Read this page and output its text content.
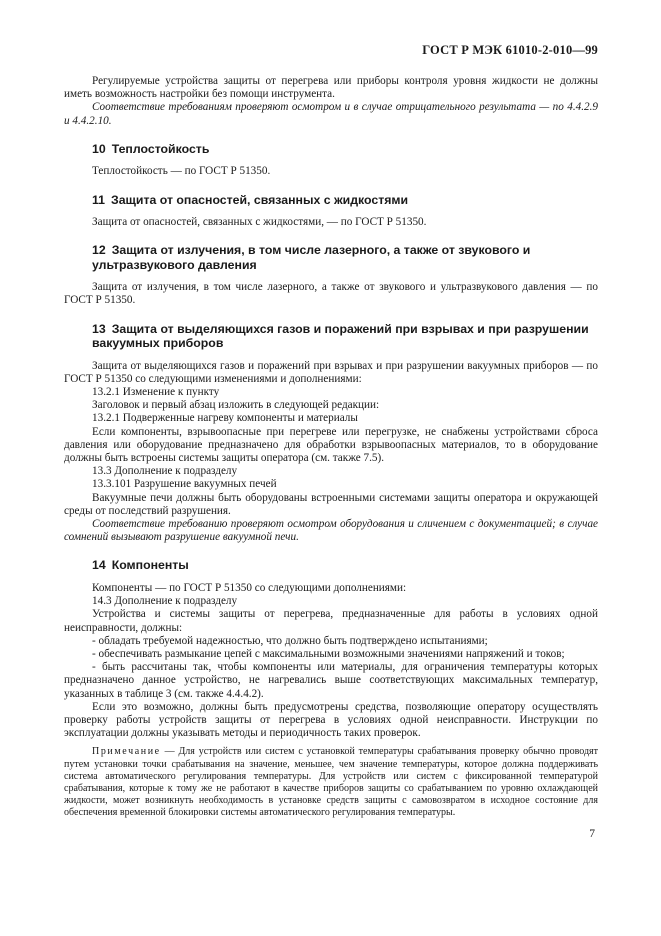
ГОСТ Р МЭК 61010-2-010—99

Регулируемые устройства защиты от перегрева или приборы контроля уровня жидкости не должны иметь возможность настройки без помощи инструмента.

Соответствие требованиям проверяют осмотром и в случае отрицательного результата — по 4.4.2.9 и 4.4.2.10.

10 Теплостойкость

Теплостойкость — по ГОСТ Р 51350.

11 Защита от опасностей, связанных с жидкостями

Защита от опасностей, связанных с жидкостями, — по ГОСТ Р 51350.

12 Защита от излучения, в том числе лазерного, а также от звукового и ультразвукового давления

Защита от излучения, в том числе лазерного, а также от звукового и ультразвукового давления — по ГОСТ Р 51350.

13 Защита от выделяющихся газов и поражений при взрывах и при разрушении вакуумных приборов

Защита от выделяющихся газов и поражений при взрывах и при разрушении вакуумных приборов — по ГОСТ Р 51350 со следующими изменениями и дополнениями:

13.2.1 Изменение к пункту

Заголовок и первый абзац изложить в следующей редакции:

13.2.1 Подверженные нагреву компоненты и материалы

Если компоненты, взрывоопасные при перегреве или перегрузке, не снабжены устройствами сброса давления или оборудование предназначено для обработки взрывоопасных материалов, то в оборудование должны быть встроены системы защиты оператора (см. также 7.5).

13.3 Дополнение к подразделу

13.3.101 Разрушение вакуумных печей

Вакуумные печи должны быть оборудованы встроенными системами защиты оператора и окружающей среды от последствий разрушения.

Соответствие требованию проверяют осмотром оборудования и сличением с документацией; в случае сомнений вызывают разрушение вакуумной печи.

14 Компоненты

Компоненты — по ГОСТ Р 51350 со следующими дополнениями:

14.3 Дополнение к подразделу

Устройства и системы защиты от перегрева, предназначенные для работы в условиях одной неисправности, должны:

- обладать требуемой надежностью, что должно быть подтверждено испытаниями;

- обеспечивать размыкание цепей с максимальными возможными значениями напряжений и токов;

- быть рассчитаны так, чтобы компоненты или материалы, для ограничения температуры которых предназначено данное устройство, не нагревались выше соответствующих максимальных температур, указанных в таблице 3 (см. также 4.4.4.2).

Если это возможно, должны быть предусмотрены средства, позволяющие оператору осуществлять проверку работы устройств защиты от перегрева в условиях одной неисправности. Инструкции по эксплуатации должны указывать методы и периодичность таких проверок.

Примечание — Для устройств или систем с установкой температуры срабатывания проверку обычно проводят путем установки точки срабатывания на значение, меньшее, чем значение температуры, которое должна поддерживать система автоматического регулирования температуры. Для устройств или систем с фиксированной температурой срабатывания, которые к тому же не работают в качестве приборов защиты со срабатыванием по уровню охлаждающей жидкости, может возникнуть необходимость в установке средств защиты с самовозвратом в исходное состояние для обеспечения временной блокировки системы автоматического регулирования температуры.

7
